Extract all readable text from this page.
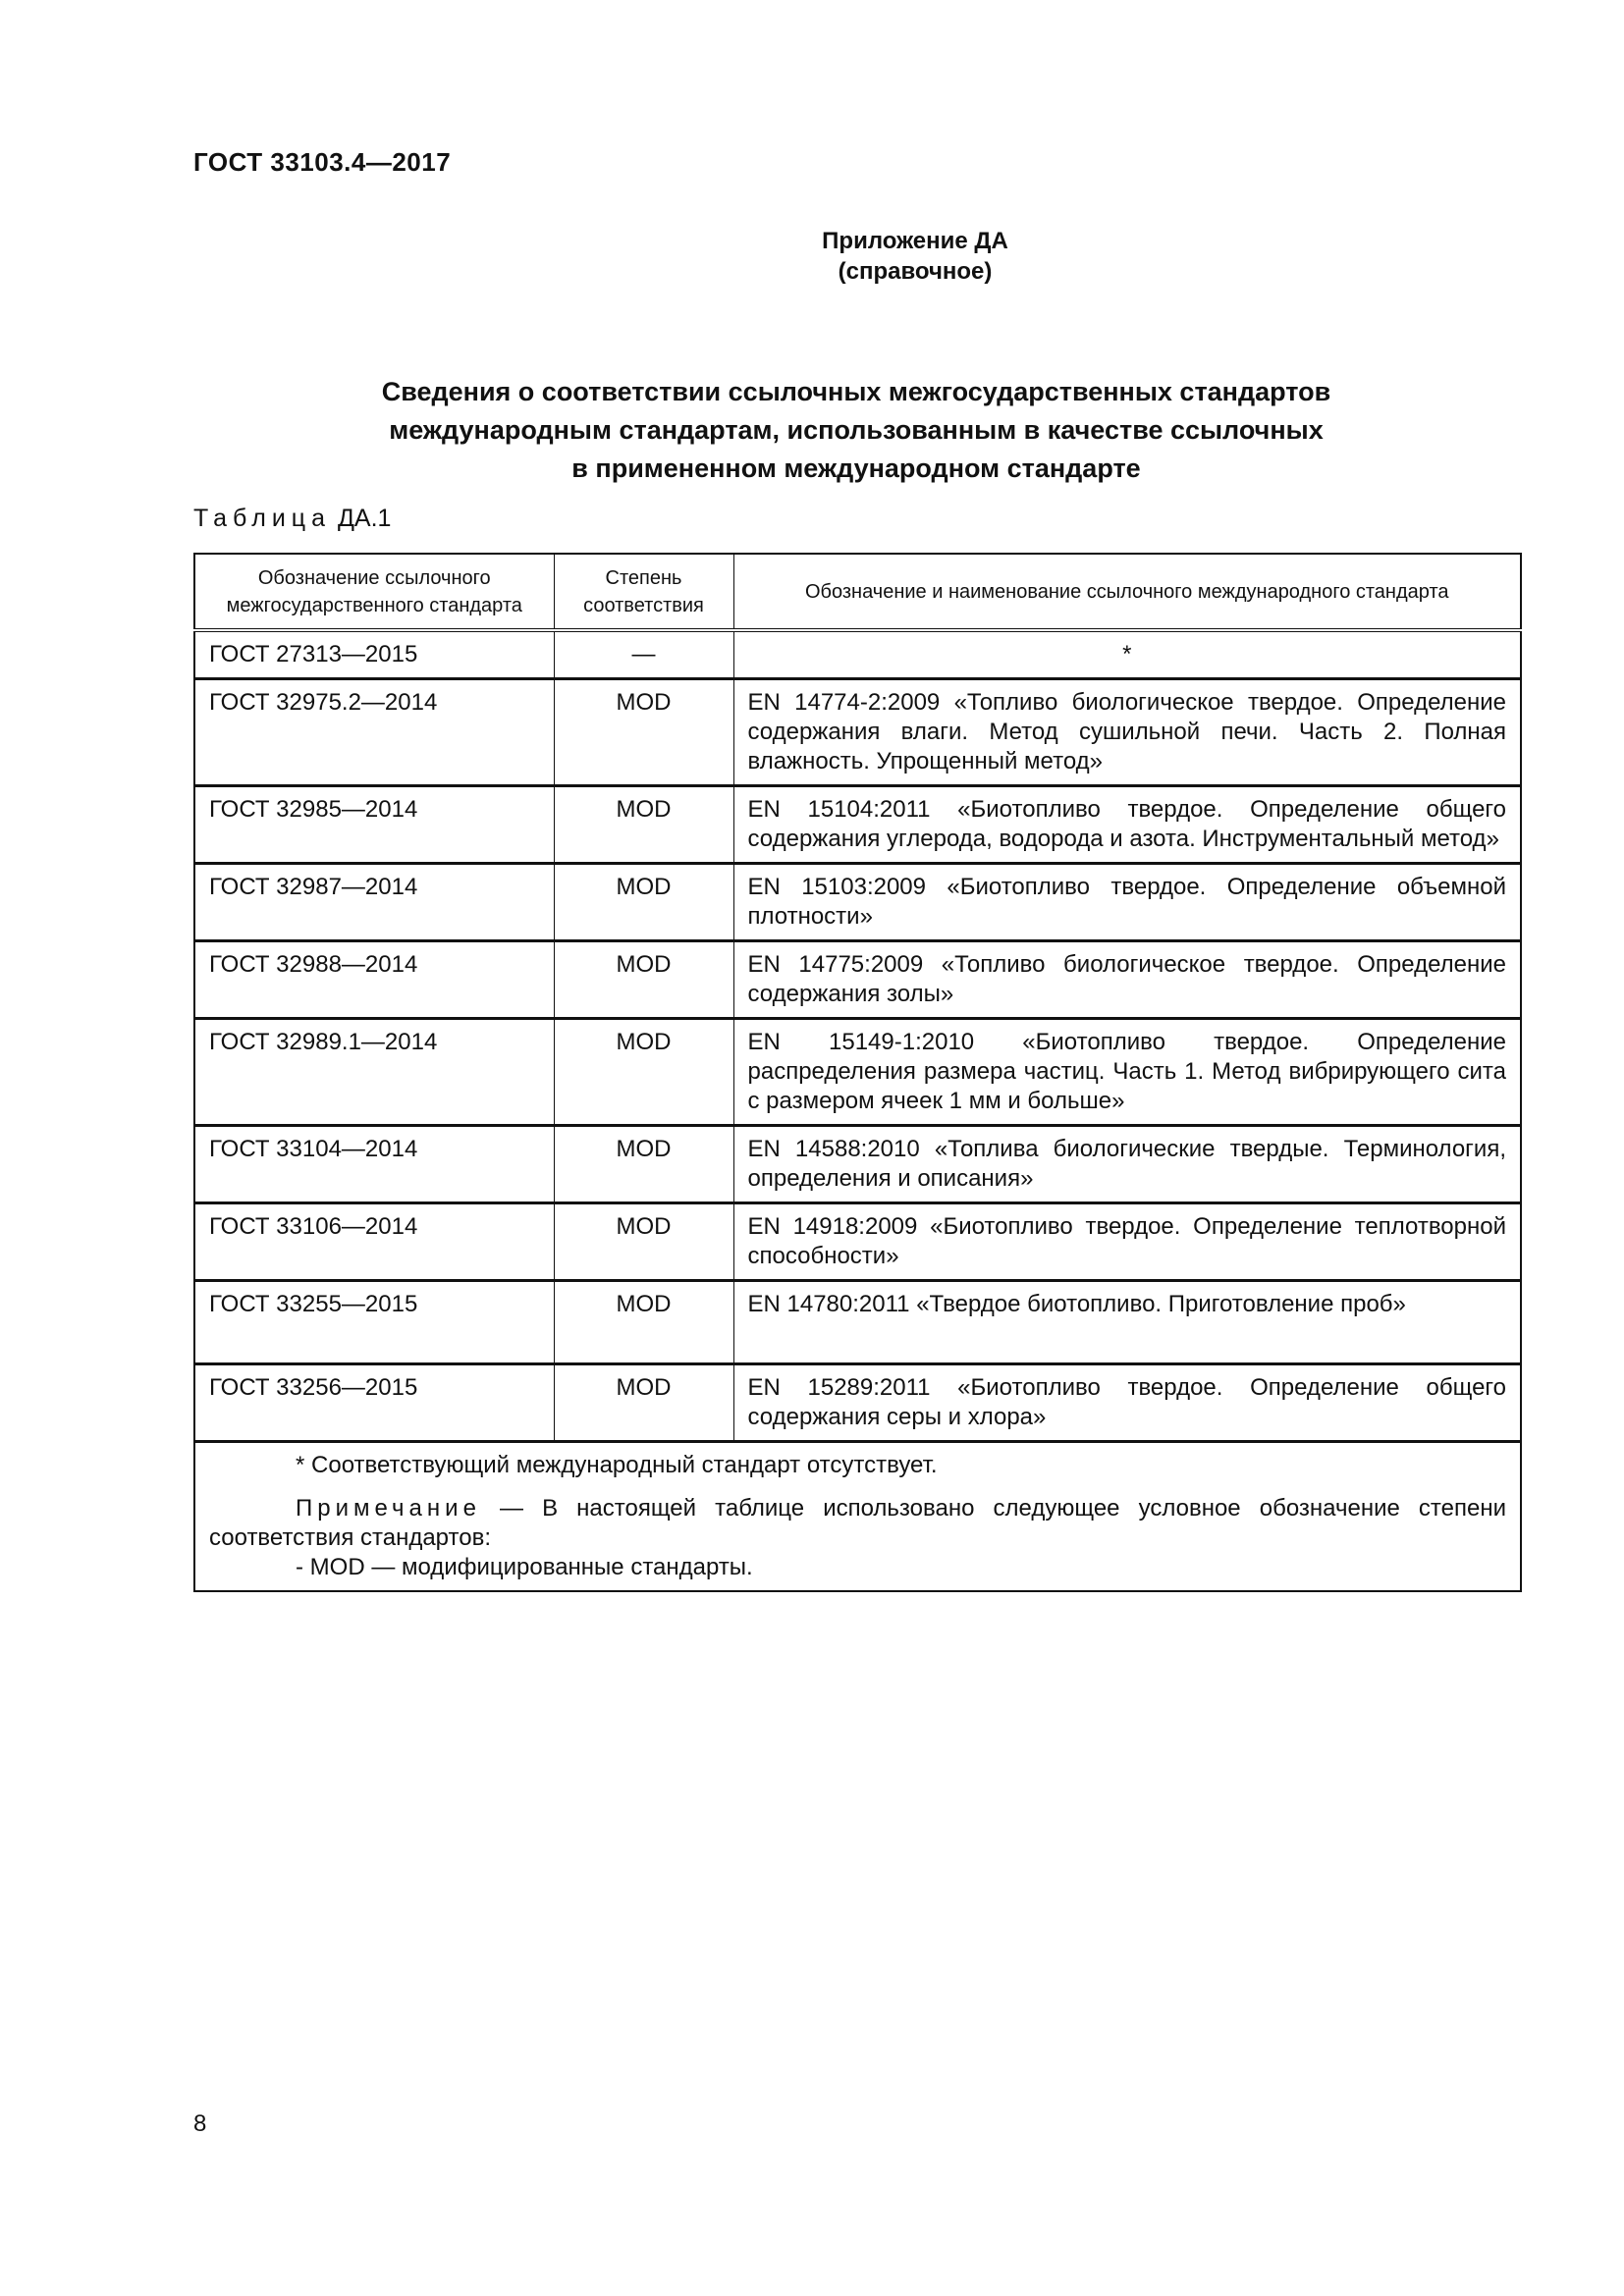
ГОСТ 33103.4—2017
Приложение ДА
(справочное)
Сведения о соответствии ссылочных межгосударственных стандартов
международным стандартам, использованным в качестве ссылочных
в примененном международном стандарте
Таблица ДА.1
Обозначение ссылочного межгосударственного стандарта	Степень соответствия	Обозначение и наименование ссылочного международного стандарта
ГОСТ 27313—2015	—	*
ГОСТ 32975.2—2014	MOD	EN 14774-2:2009 «Топливо биологическое твердое. Определение содержания влаги. Метод сушильной печи. Часть 2. Полная влажность. Упрощенный метод»
ГОСТ 32985—2014	MOD	EN 15104:2011 «Биотопливо твердое. Определение общего содержания углерода, водорода и азота. Инструментальный метод»
ГОСТ 32987—2014	MOD	EN 15103:2009 «Биотопливо твердое. Определение объемной плотности»
ГОСТ 32988—2014	MOD	EN 14775:2009 «Топливо биологическое твердое. Определение содержания золы»
ГОСТ 32989.1—2014	MOD	EN 15149-1:2010 «Биотопливо твердое. Определение распределения размера частиц. Часть 1. Метод вибрирующего сита с размером ячеек 1 мм и больше»
ГОСТ 33104—2014	MOD	EN 14588:2010 «Топлива биологические твердые. Терминология, определения и описания»
ГОСТ 33106—2014	MOD	EN 14918:2009 «Биотопливо твердое. Определение теплотворной способности»
ГОСТ 33255—2015	MOD	EN 14780:2011 «Твердое биотопливо. Приготовление проб»
ГОСТ 33256—2015	MOD	EN 15289:2011 «Биотопливо твердое. Определение общего содержания серы и хлора»

* Соответствующий международный стандарт отсутствует.
Примечание — В настоящей таблице использовано следующее условное обозначение степени соответствия стандартов:
- MOD — модифицированные стандарты.		
8
